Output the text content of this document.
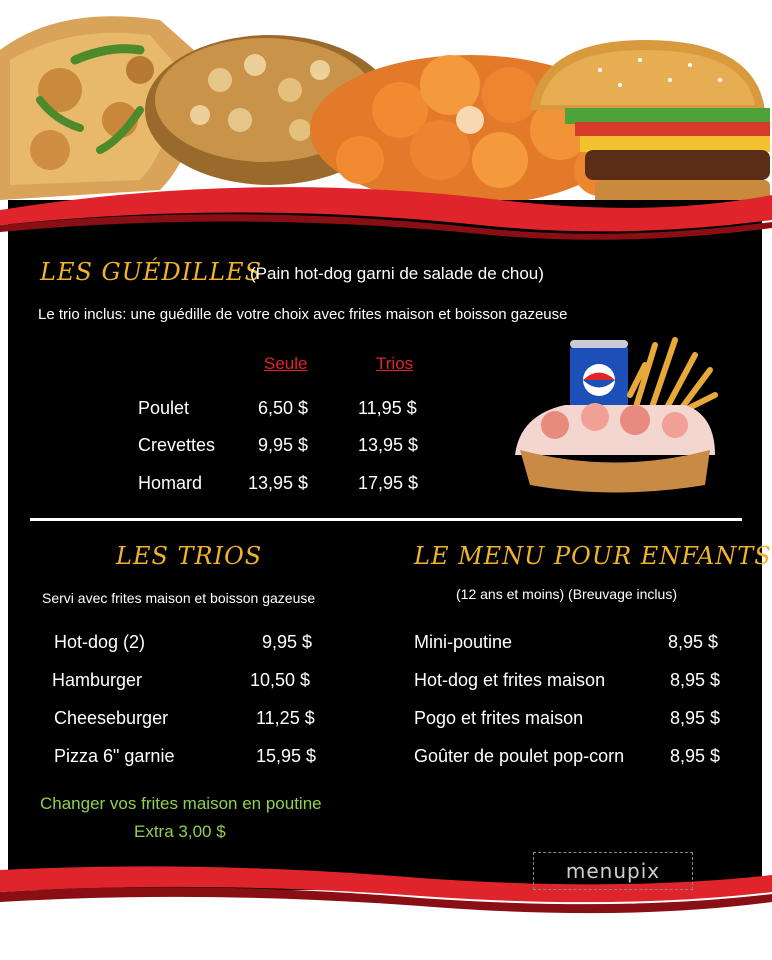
LES GUÉDILLES
(Pain hot-dog garni de salade de chou)
Le trio inclus: une guédille de votre choix avec frites maison et boisson gazeuse
Seule	Trios
Poulet	6,50 $	11,95 $
Crevettes 9,95 $	13,95 $
Homard	13,95 $	17,95 $
LES TRIOS
Servi avec frites maison et boisson gazeuse
Hot-dog (2)	9,95 $
Hamburger	10,50 $
Cheeseburger	11,25 $
Pizza 6" garnie	15,95 $
Changer vos frites maison en poutine
Extra 3,00 $
LE MENU POUR ENFANTS
(12 ans et moins) (Breuvage inclus)
Mini-poutine	8,95 $
Hot-dog et frites maison	8,95 $
Pogo et frites maison	8,95 $
Goûter de poulet pop-corn	8,95 $
menupix
